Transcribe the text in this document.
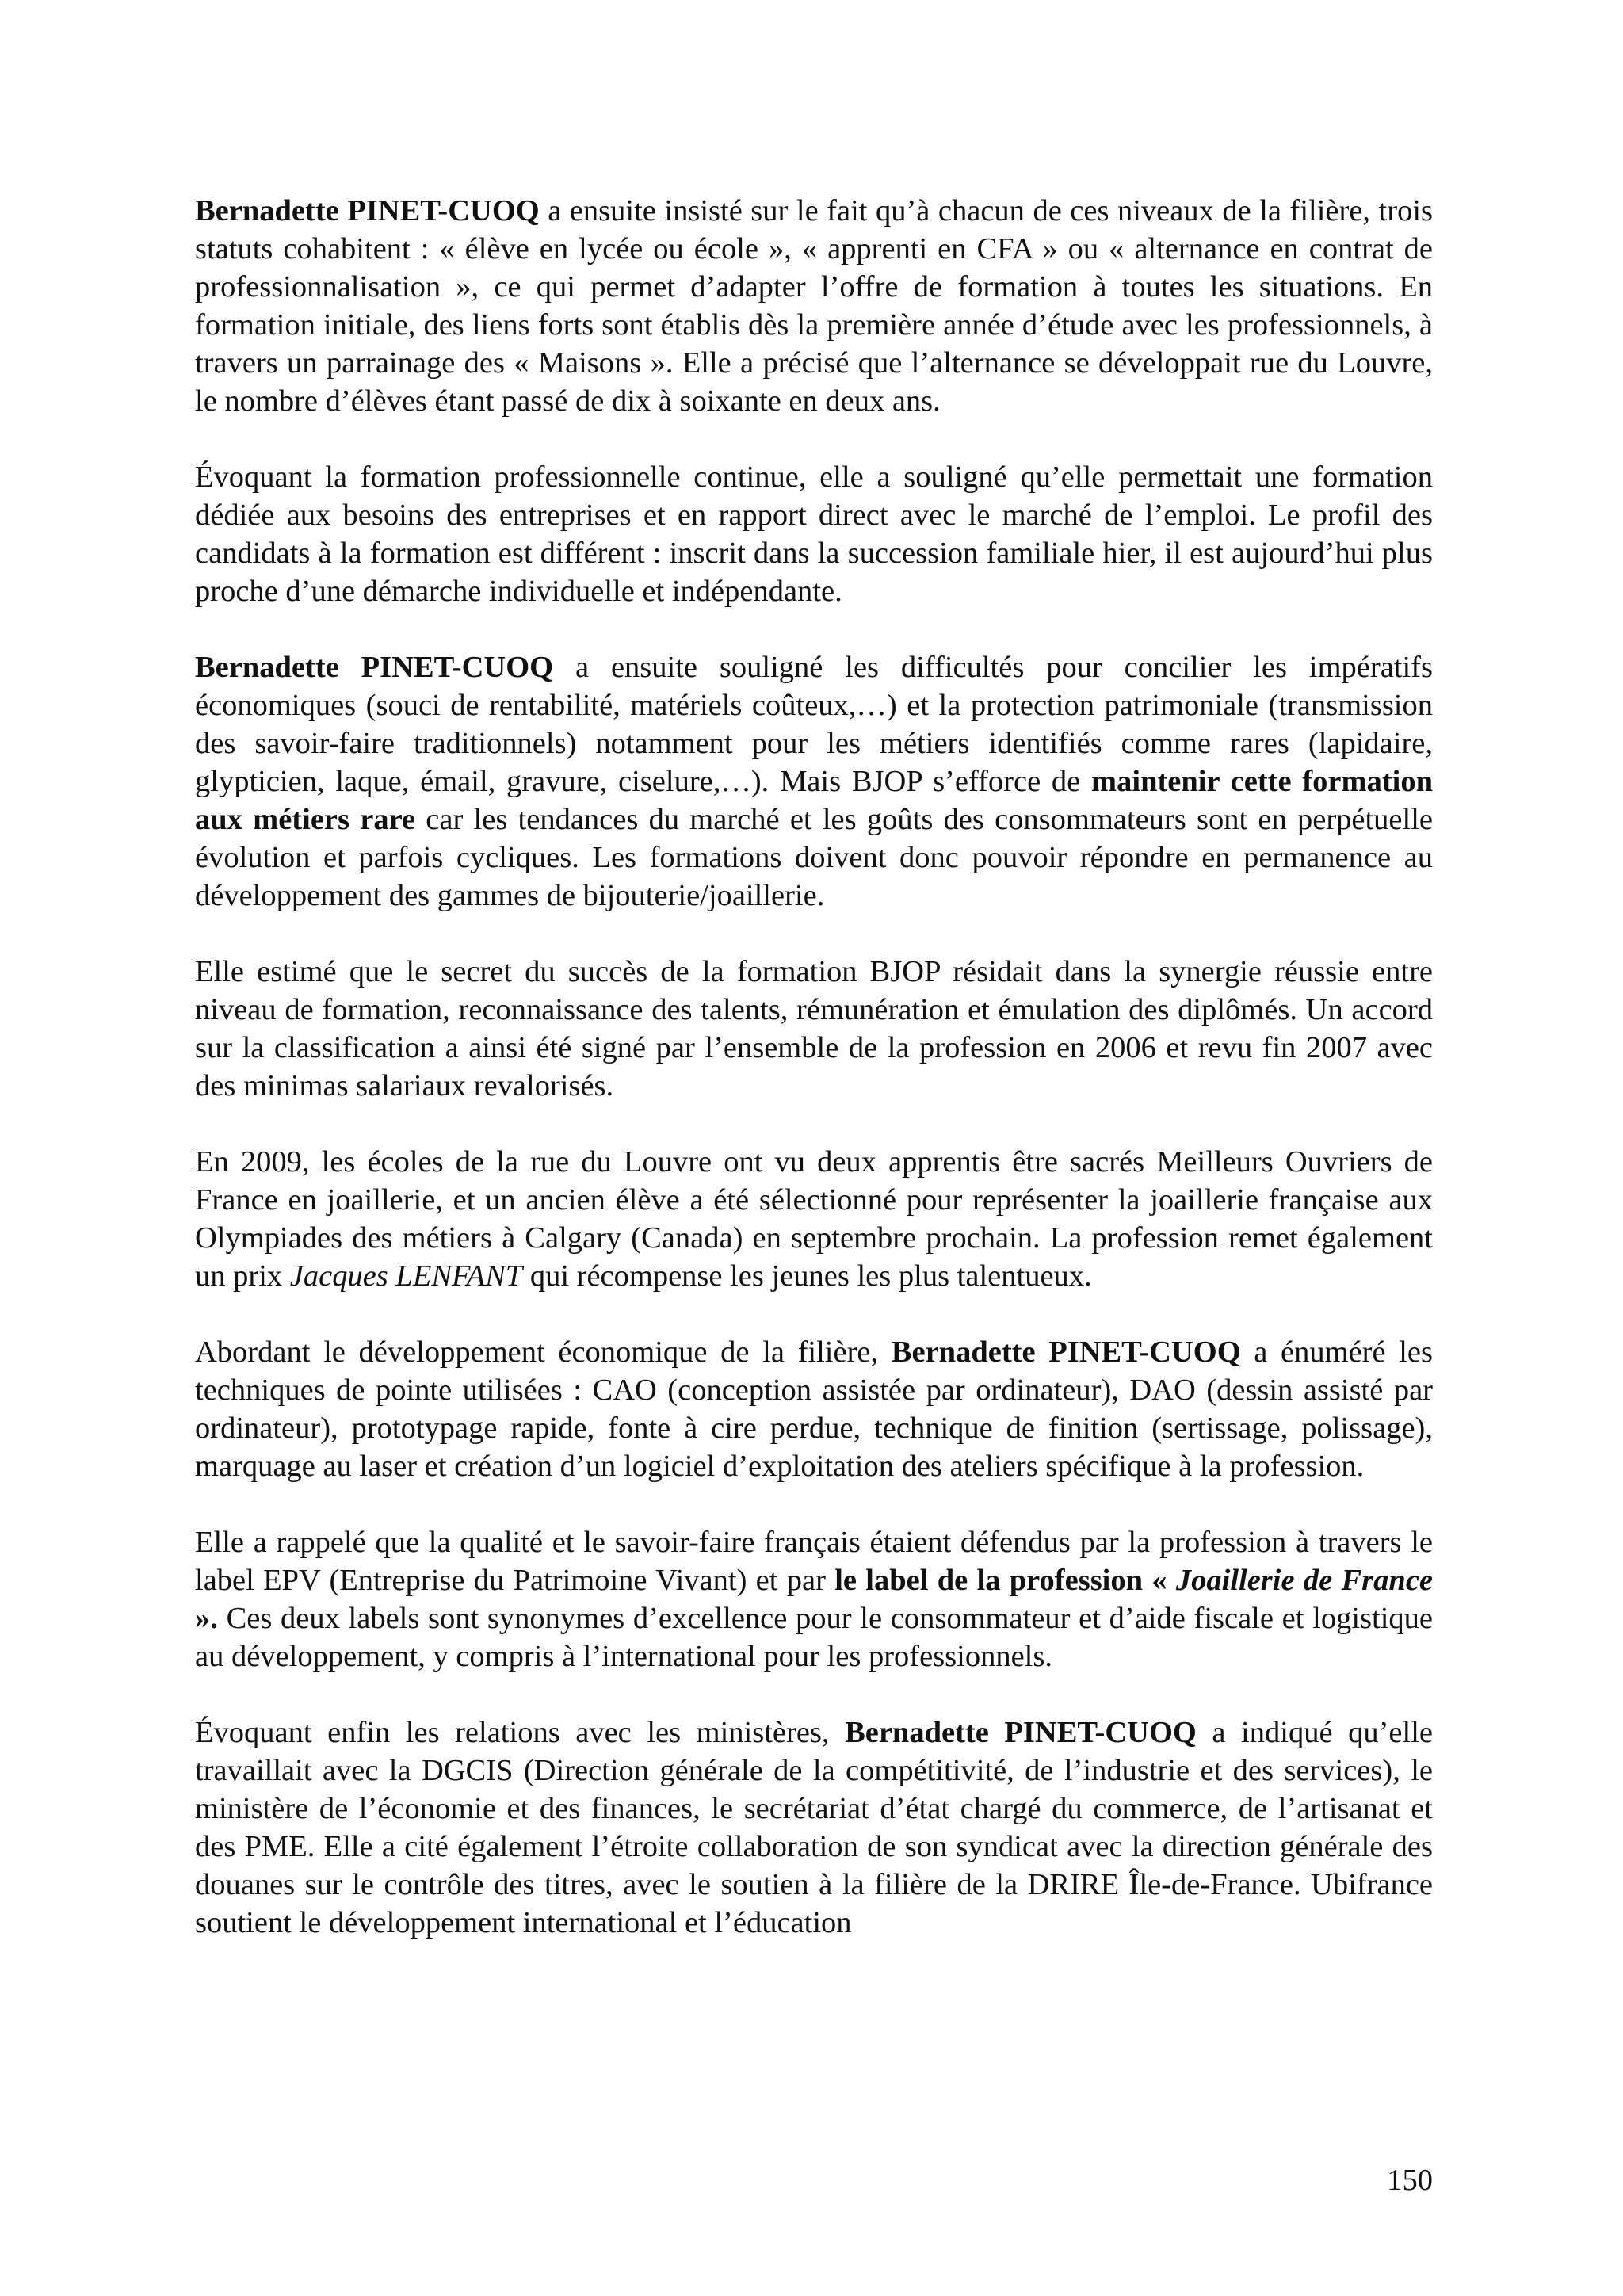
Bernadette PINET-CUOQ a ensuite insisté sur le fait qu’à chacun de ces niveaux de la filière, trois statuts cohabitent : « élève en lycée ou école », « apprenti en CFA » ou « alternance en contrat de professionnalisation », ce qui permet d’adapter l’offre de formation à toutes les situations. En formation initiale, des liens forts sont établis dès la première année d’étude avec les professionnels, à travers un parrainage des « Maisons ». Elle a précisé que l’alternance se développait rue du Louvre, le nombre d’élèves étant passé de dix à soixante en deux ans.

Évoquant la formation professionnelle continue, elle a souligné qu’elle permettait une formation dédiée aux besoins des entreprises et en rapport direct avec le marché de l’emploi. Le profil des candidats à la formation est différent : inscrit dans la succession familiale hier, il est aujourd’hui plus proche d’une démarche individuelle et indépendante.

Bernadette PINET-CUOQ a ensuite souligné les difficultés pour concilier les impératifs économiques (souci de rentabilité, matériels coûteux,…) et la protection patrimoniale (transmission des savoir-faire traditionnels) notamment pour les métiers identifiés comme rares (lapidaire, glypticien, laque, émail, gravure, ciselure,…). Mais BJOP s’efforce de maintenir cette formation aux métiers rare car les tendances du marché et les goûts des consommateurs sont en perpétuelle évolution et parfois cycliques. Les formations doivent donc pouvoir répondre en permanence au développement des gammes de bijouterie/joaillerie.

Elle estimé que le secret du succès de la formation BJOP résidait dans la synergie réussie entre niveau de formation, reconnaissance des talents, rémunération et émulation des diplômés. Un accord sur la classification a ainsi été signé par l’ensemble de la profession en 2006 et revu fin 2007 avec des minimas salariaux revalorisés.

En 2009, les écoles de la rue du Louvre ont vu deux apprentis être sacrés Meilleurs Ouvriers de France en joaillerie, et un ancien élève a été sélectionné pour représenter la joaillerie française aux Olympiades des métiers à Calgary (Canada) en septembre prochain. La profession remet également un prix Jacques LENFANT qui récompense les jeunes les plus talentueux.

Abordant le développement économique de la filière, Bernadette PINET-CUOQ a énuméré les techniques de pointe utilisées : CAO (conception assistée par ordinateur), DAO (dessin assisté par ordinateur), prototypage rapide, fonte à cire perdue, technique de finition (sertissage, polissage), marquage au laser et création d’un logiciel d’exploitation des ateliers spécifique à la profession.

Elle a rappelé que la qualité et le savoir-faire français étaient défendus par la profession à travers le label EPV (Entreprise du Patrimoine Vivant) et par le label de la profession « Joaillerie de France ». Ces deux labels sont synonymes d’excellence pour le consommateur et d’aide fiscale et logistique au développement, y compris à l’international pour les professionnels.

Évoquant enfin les relations avec les ministères, Bernadette PINET-CUOQ a indiqué qu’elle travaillait avec la DGCIS (Direction générale de la compétitivité, de l’industrie et des services), le ministère de l’économie et des finances, le secrétariat d’état chargé du commerce, de l’artisanat et des PME. Elle a cité également l’étroite collaboration de son syndicat avec la direction générale des douanes sur le contrôle des titres, avec le soutien à la filière de la DRIRE Île-de-France. Ubifrance soutient le développement international et l’éducation

150
